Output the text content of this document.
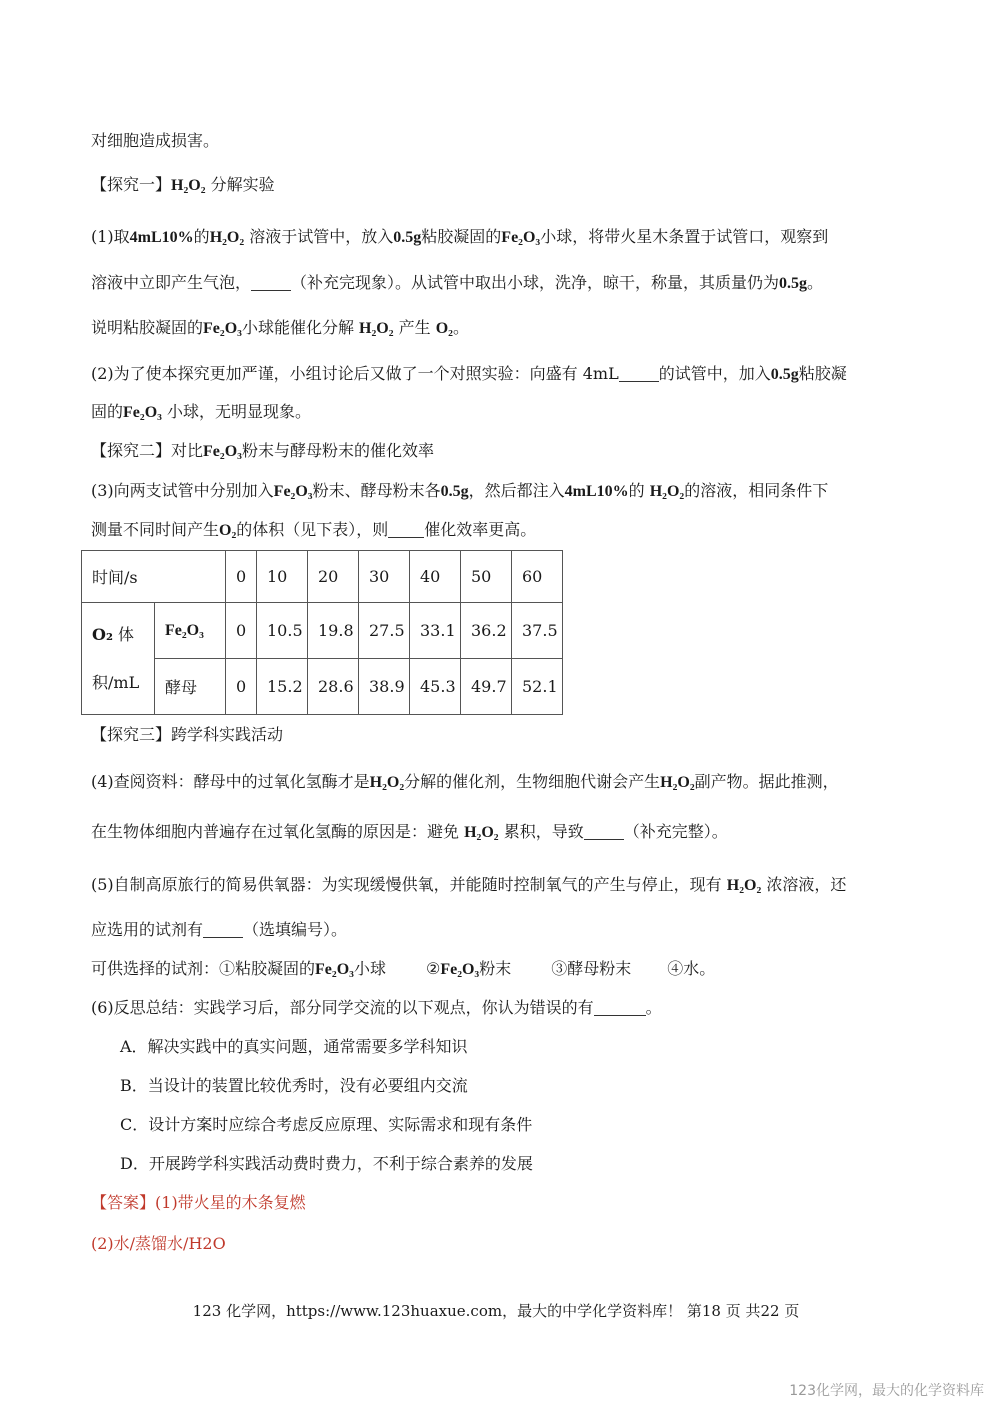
对细胞造成损害。
【探究一】H₂O₂ 分解实验
(1)取4mL10%的H₂O₂ 溶液于试管中，放入0.5g粘胶凝固的Fe₂O₃小球，将带火星木条置于试管口，观察到
溶液中立即产生气泡，	（补充完现象）。从试管中取出小球，洗净，晾干，称量，其质量仍为0.5g。
说明粘胶凝固的Fe₂O₃小球能催化分解 H₂O₂ 产生 O₂。
(2)为了使本探究更加严谨，小组讨论后又做了一个对照实验：向盛有 4mL	的试管中，加入0.5g粘胶凝
固的Fe₂O₃ 小球，无明显现象。
【探究二】对比Fe₂O₃粉末与酵母粉末的催化效率
(3)向两支试管中分别加入Fe₂O₃粉末、酵母粉末各0.5g，然后都注入4mL10%的 H₂O₂的溶液，相同条件下
测量不同时间产生O₂的体积（见下表），则 催化效率更高。
时间/s		0	10	20	30	40	50	60
O₂ 体
积/mL	Fe₂O₃	0	10.5	19.8	27.5	33.1	36.2	37.5
	酵母	0	15.2	28.6	38.9	45.3	49.7	52.1
【探究三】跨学科实践活动
(4)查阅资料：酵母中的过氧化氢酶才是H₂O₂分解的催化剂，生物细胞代谢会产生H₂O₂副产物。据此推测，
在生物体细胞内普遍存在过氧化氢酶的原因是：避免 H₂O₂ 累积，导致	（补充完整）。
(5)自制高原旅行的简易供氧器：为实现缓慢供氧，并能随时控制氧气的产生与停止，现有 H₂O₂ 浓溶液，还
应选用的试剂有	（选填编号）。
可供选择的试剂：①粘胶凝固的Fe₂O₃小球	②Fe₂O₃粉末	③酵母粉末 ④水。
(6)反思总结：实践学习后，部分同学交流的以下观点，你认为错误的有	。
A．解决实践中的真实问题，通常需要多学科知识
B．当设计的装置比较优秀时，没有必要组内交流
C．设计方案时应综合考虑反应原理、实际需求和现有条件
D．开展跨学科实践活动费时费力，不利于综合素养的发展
【答案】(1)带火星的木条复燃
(2)水/蒸馏水/H2O
123 化学网，https://www.123huaxue.com，最大的中学化学资料库！ 第18 页 共22 页
123化学网，最大的化学资料库
